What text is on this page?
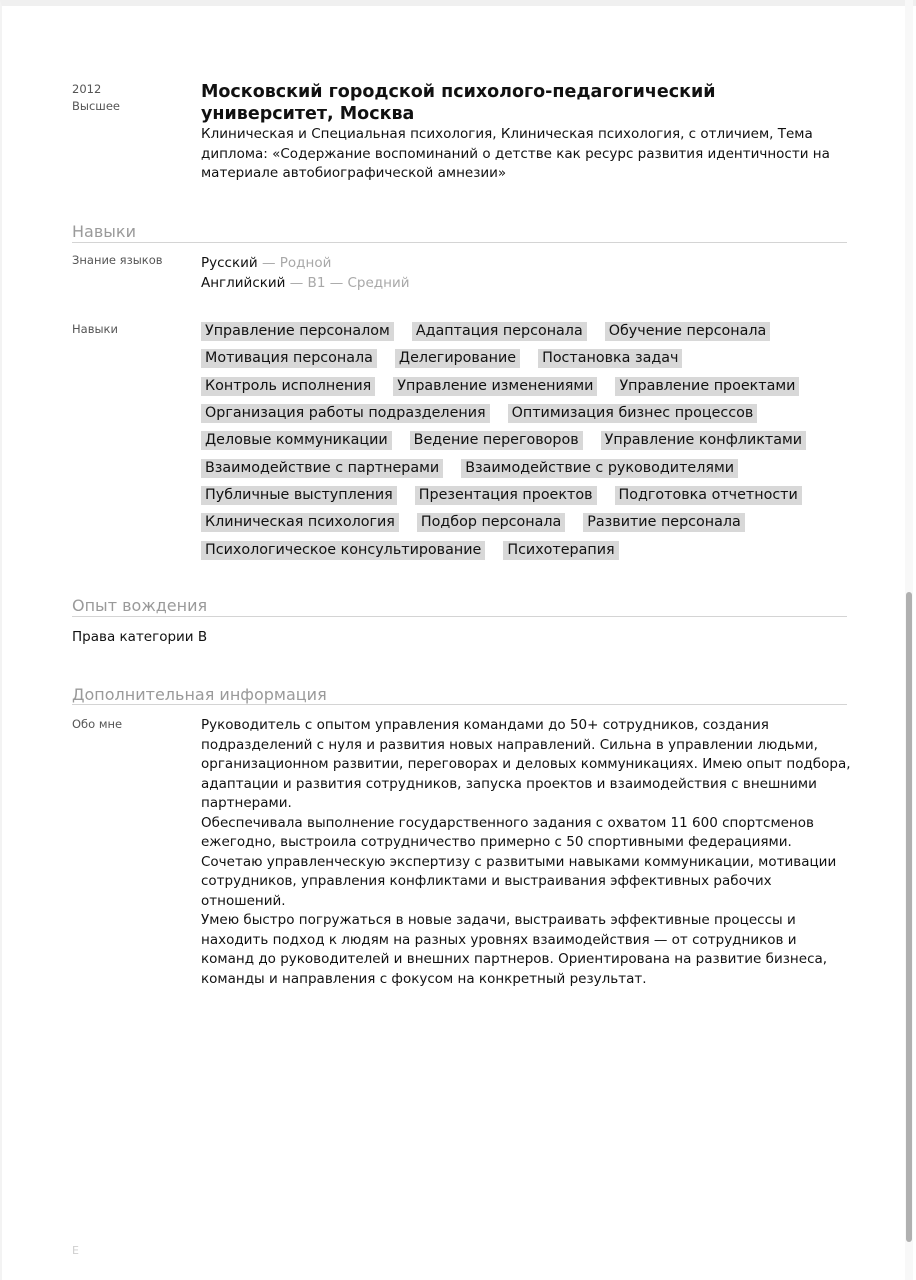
2012
Высшее
Московский городской психолого-педагогический университет, Москва
Клиническая и Специальная психология, Клиническая психология, с отличием, Тема диплома: «Содержание воспоминаний о детстве как ресурс развития идентичности на материале автобиографической амнезии»
Навыки
Знание языков	Русский — Родной
Английский — B1 — Средний
Навыки	Управление персоналом Адаптация персонала Обучение персонала
Мотивация персонала Делегирование Постановка задач
Контроль исполнения Управление изменениями Управление проектами
Организация работы подразделения Оптимизация бизнес процессов
Деловые коммуникации Ведение переговоров Управление конфликтами
Взаимодействие с партнерами Взаимодействие с руководителями
Публичные выступления Презентация проектов Подготовка отчетности
Клиническая психология Подбор персонала Развитие персонала
Психологическое консультирование Психотерапия
Опыт вождения
Права категории B
Дополнительная информация
Обо мне	Руководитель с опытом управления командами до 50+ сотрудников, создания подразделений с нуля и развития новых направлений. Сильна в управлении людьми, организационном развитии, переговорах и деловых коммуникациях. Имею опыт подбора, адаптации и развития сотрудников, запуска проектов и взаимодействия с внешними партнерами.

Обеспечивала выполнение государственного задания с охватом 11 600 спортсменов ежегодно, выстроила сотрудничество примерно с 50 спортивными федерациями. Сочетаю управленческую экспертизу с развитыми навыками коммуникации, мотивации сотрудников, управления конфликтами и выстраивания эффективных рабочих отношений.

Умею быстро погружаться в новые задачи, выстраивать эффективные процессы и находить подход к людям на разных уровнях взаимодействия — от сотрудников и команд до руководителей и внешних партнеров. Ориентирована на развитие бизнеса, команды и направления с фокусом на конкретный результат.

Е
